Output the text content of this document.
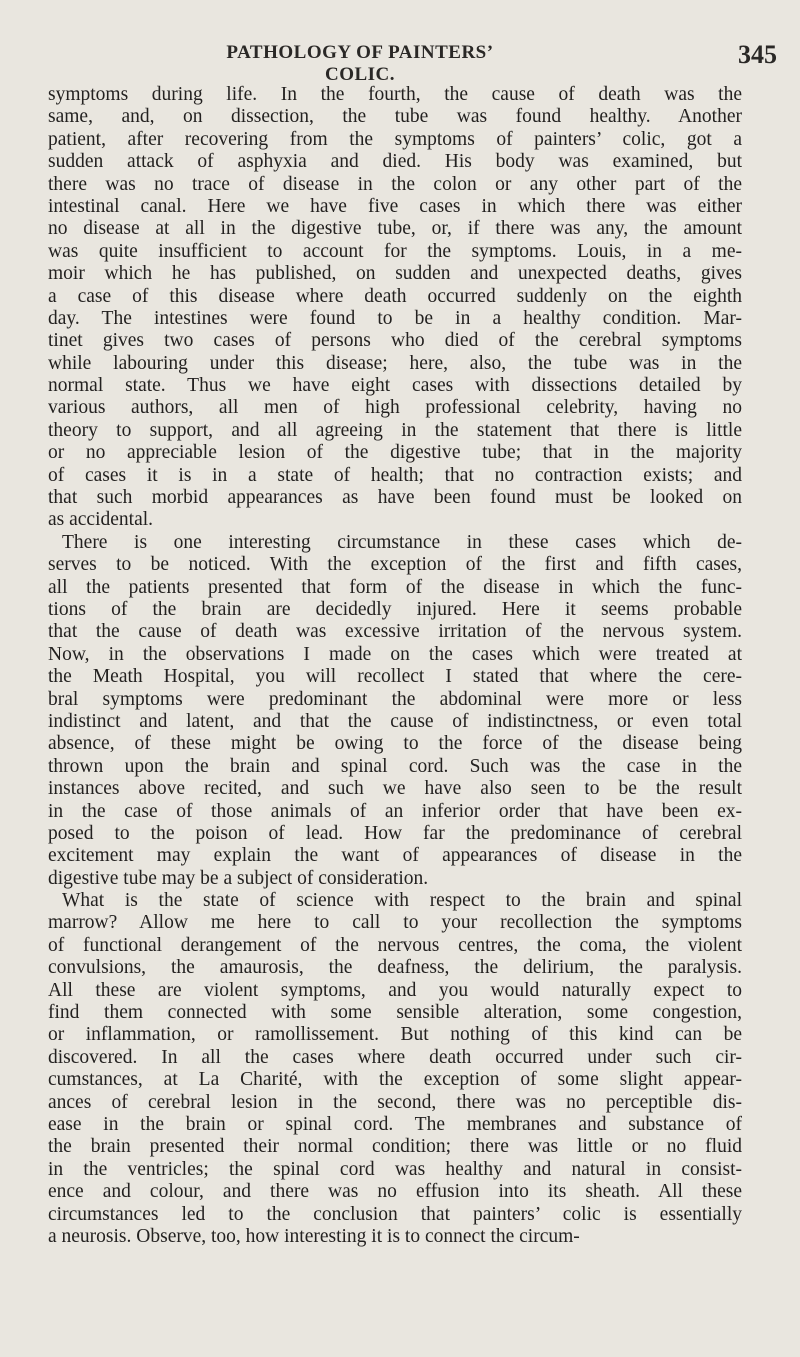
PATHOLOGY OF PAINTERS’ COLIC.
345
symptoms during life. In the fourth, the cause of death was the
same, and, on dissection, the tube was found healthy. Another
patient, after recovering from the symptoms of painters’ colic, got a
sudden attack of asphyxia and died. His body was examined, but
there was no trace of disease in the colon or any other part of the
intestinal canal. Here we have five cases in which there was either
no disease at all in the digestive tube, or, if there was any, the amount
was quite insufficient to account for the symptoms. Louis, in a me-
moir which he has published, on sudden and unexpected deaths, gives
a case of this disease where death occurred suddenly on the eighth
day. The intestines were found to be in a healthy condition. Mar-
tinet gives two cases of persons who died of the cerebral symptoms
while labouring under this disease; here, also, the tube was in the
normal state. Thus we have eight cases with dissections detailed by
various authors, all men of high professional celebrity, having no
theory to support, and all agreeing in the statement that there is little
or no appreciable lesion of the digestive tube; that in the majority
of cases it is in a state of health; that no contraction exists; and
that such morbid appearances as have been found must be looked on
as accidental.
There is one interesting circumstance in these cases which de-
serves to be noticed. With the exception of the first and fifth cases,
all the patients presented that form of the disease in which the func-
tions of the brain are decidedly injured. Here it seems probable
that the cause of death was excessive irritation of the nervous system.
Now, in the observations I made on the cases which were treated at
the Meath Hospital, you will recollect I stated that where the cere-
bral symptoms were predominant the abdominal were more or less
indistinct and latent, and that the cause of indistinctness, or even total
absence, of these might be owing to the force of the disease being
thrown upon the brain and spinal cord. Such was the case in the
instances above recited, and such we have also seen to be the result
in the case of those animals of an inferior order that have been ex-
posed to the poison of lead. How far the predominance of cerebral
excitement may explain the want of appearances of disease in the
digestive tube may be a subject of consideration.
What is the state of science with respect to the brain and spinal
marrow? Allow me here to call to your recollection the symptoms
of functional derangement of the nervous centres, the coma, the violent
convulsions, the amaurosis, the deafness, the delirium, the paralysis.
All these are violent symptoms, and you would naturally expect to
find them connected with some sensible alteration, some congestion,
or inflammation, or ramollissement. But nothing of this kind can be
discovered. In all the cases where death occurred under such cir-
cumstances, at La Charité, with the exception of some slight appear-
ances of cerebral lesion in the second, there was no perceptible dis-
ease in the brain or spinal cord. The membranes and substance of
the brain presented their normal condition; there was little or no fluid
in the ventricles; the spinal cord was healthy and natural in consist-
ence and colour, and there was no effusion into its sheath. All these
circumstances led to the conclusion that painters’ colic is essentially
a neurosis. Observe, too, how interesting it is to connect the circum-
